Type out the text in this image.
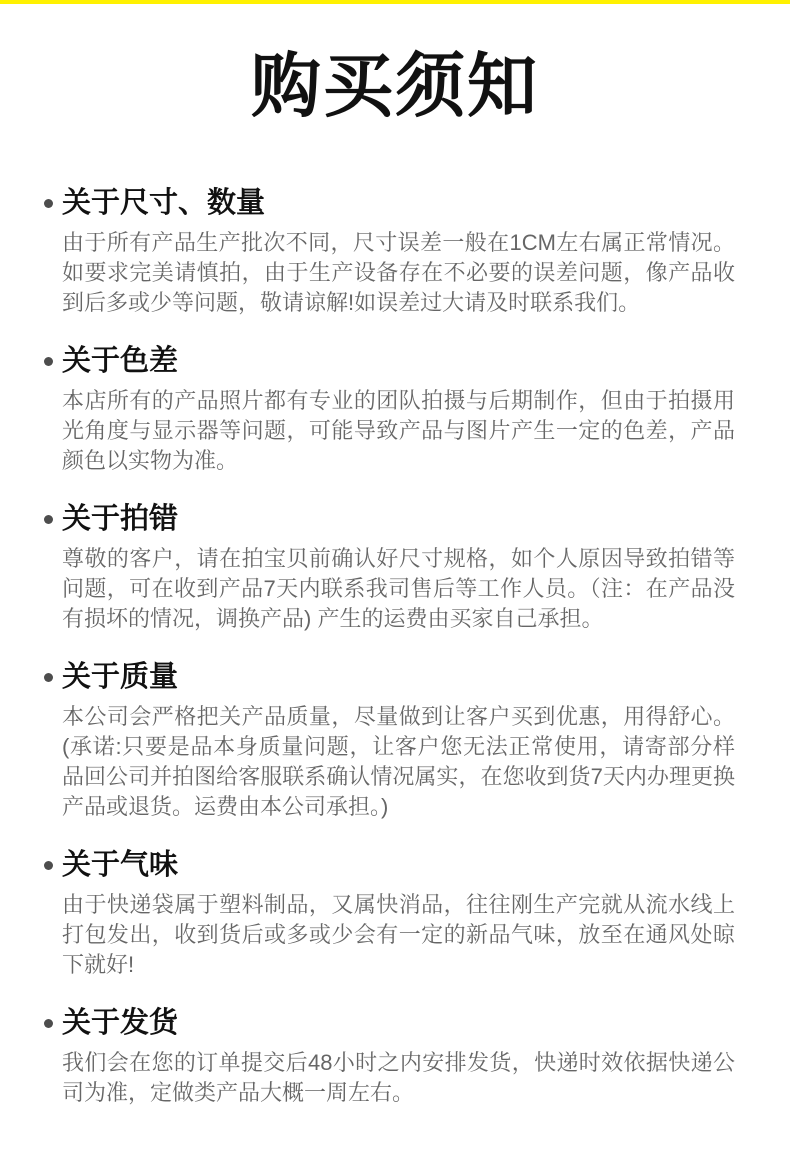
购买须知
关于尺寸、数量

由于所有产品生产批次不同，尺寸误差一般在1CM左右属正常情况。如要求完美请慎拍，由于生产设备存在不必要的误差问题，像产品收到后多或少等问题，敬请谅解!如误差过大请及时联系我们。

关于色差

本店所有的产品照片都有专业的团队拍摄与后期制作，但由于拍摄用光角度与显示器等问题，可能导致产品与图片产生一定的色差，产品颜色以实物为准。

关于拍错

尊敬的客户，请在拍宝贝前确认好尺寸规格，如个人原因导致拍错等问题，可在收到产品7天内联系我司售后等工作人员。（注：在产品没有损坏的情况，调换产品) 产生的运费由买家自己承担。

关于质量

本公司会严格把关产品质量，尽量做到让客户买到优惠，用得舒心。(承诺:只要是品本身质量问题，让客户您无法正常使用，请寄部分样品回公司并拍图给客服联系确认情况属实，在您收到货7天内办理更换产品或退货。运费由本公司承担。)

关于气味

由于快递袋属于塑料制品，又属快消品，往往刚生产完就从流水线上打包发出，收到货后或多或少会有一定的新品气味，放至在通风处晾下就好!

关于发货

我们会在您的订单提交后48小时之内安排发货，快递时效依据快递公司为准，定做类产品大概一周左右。
